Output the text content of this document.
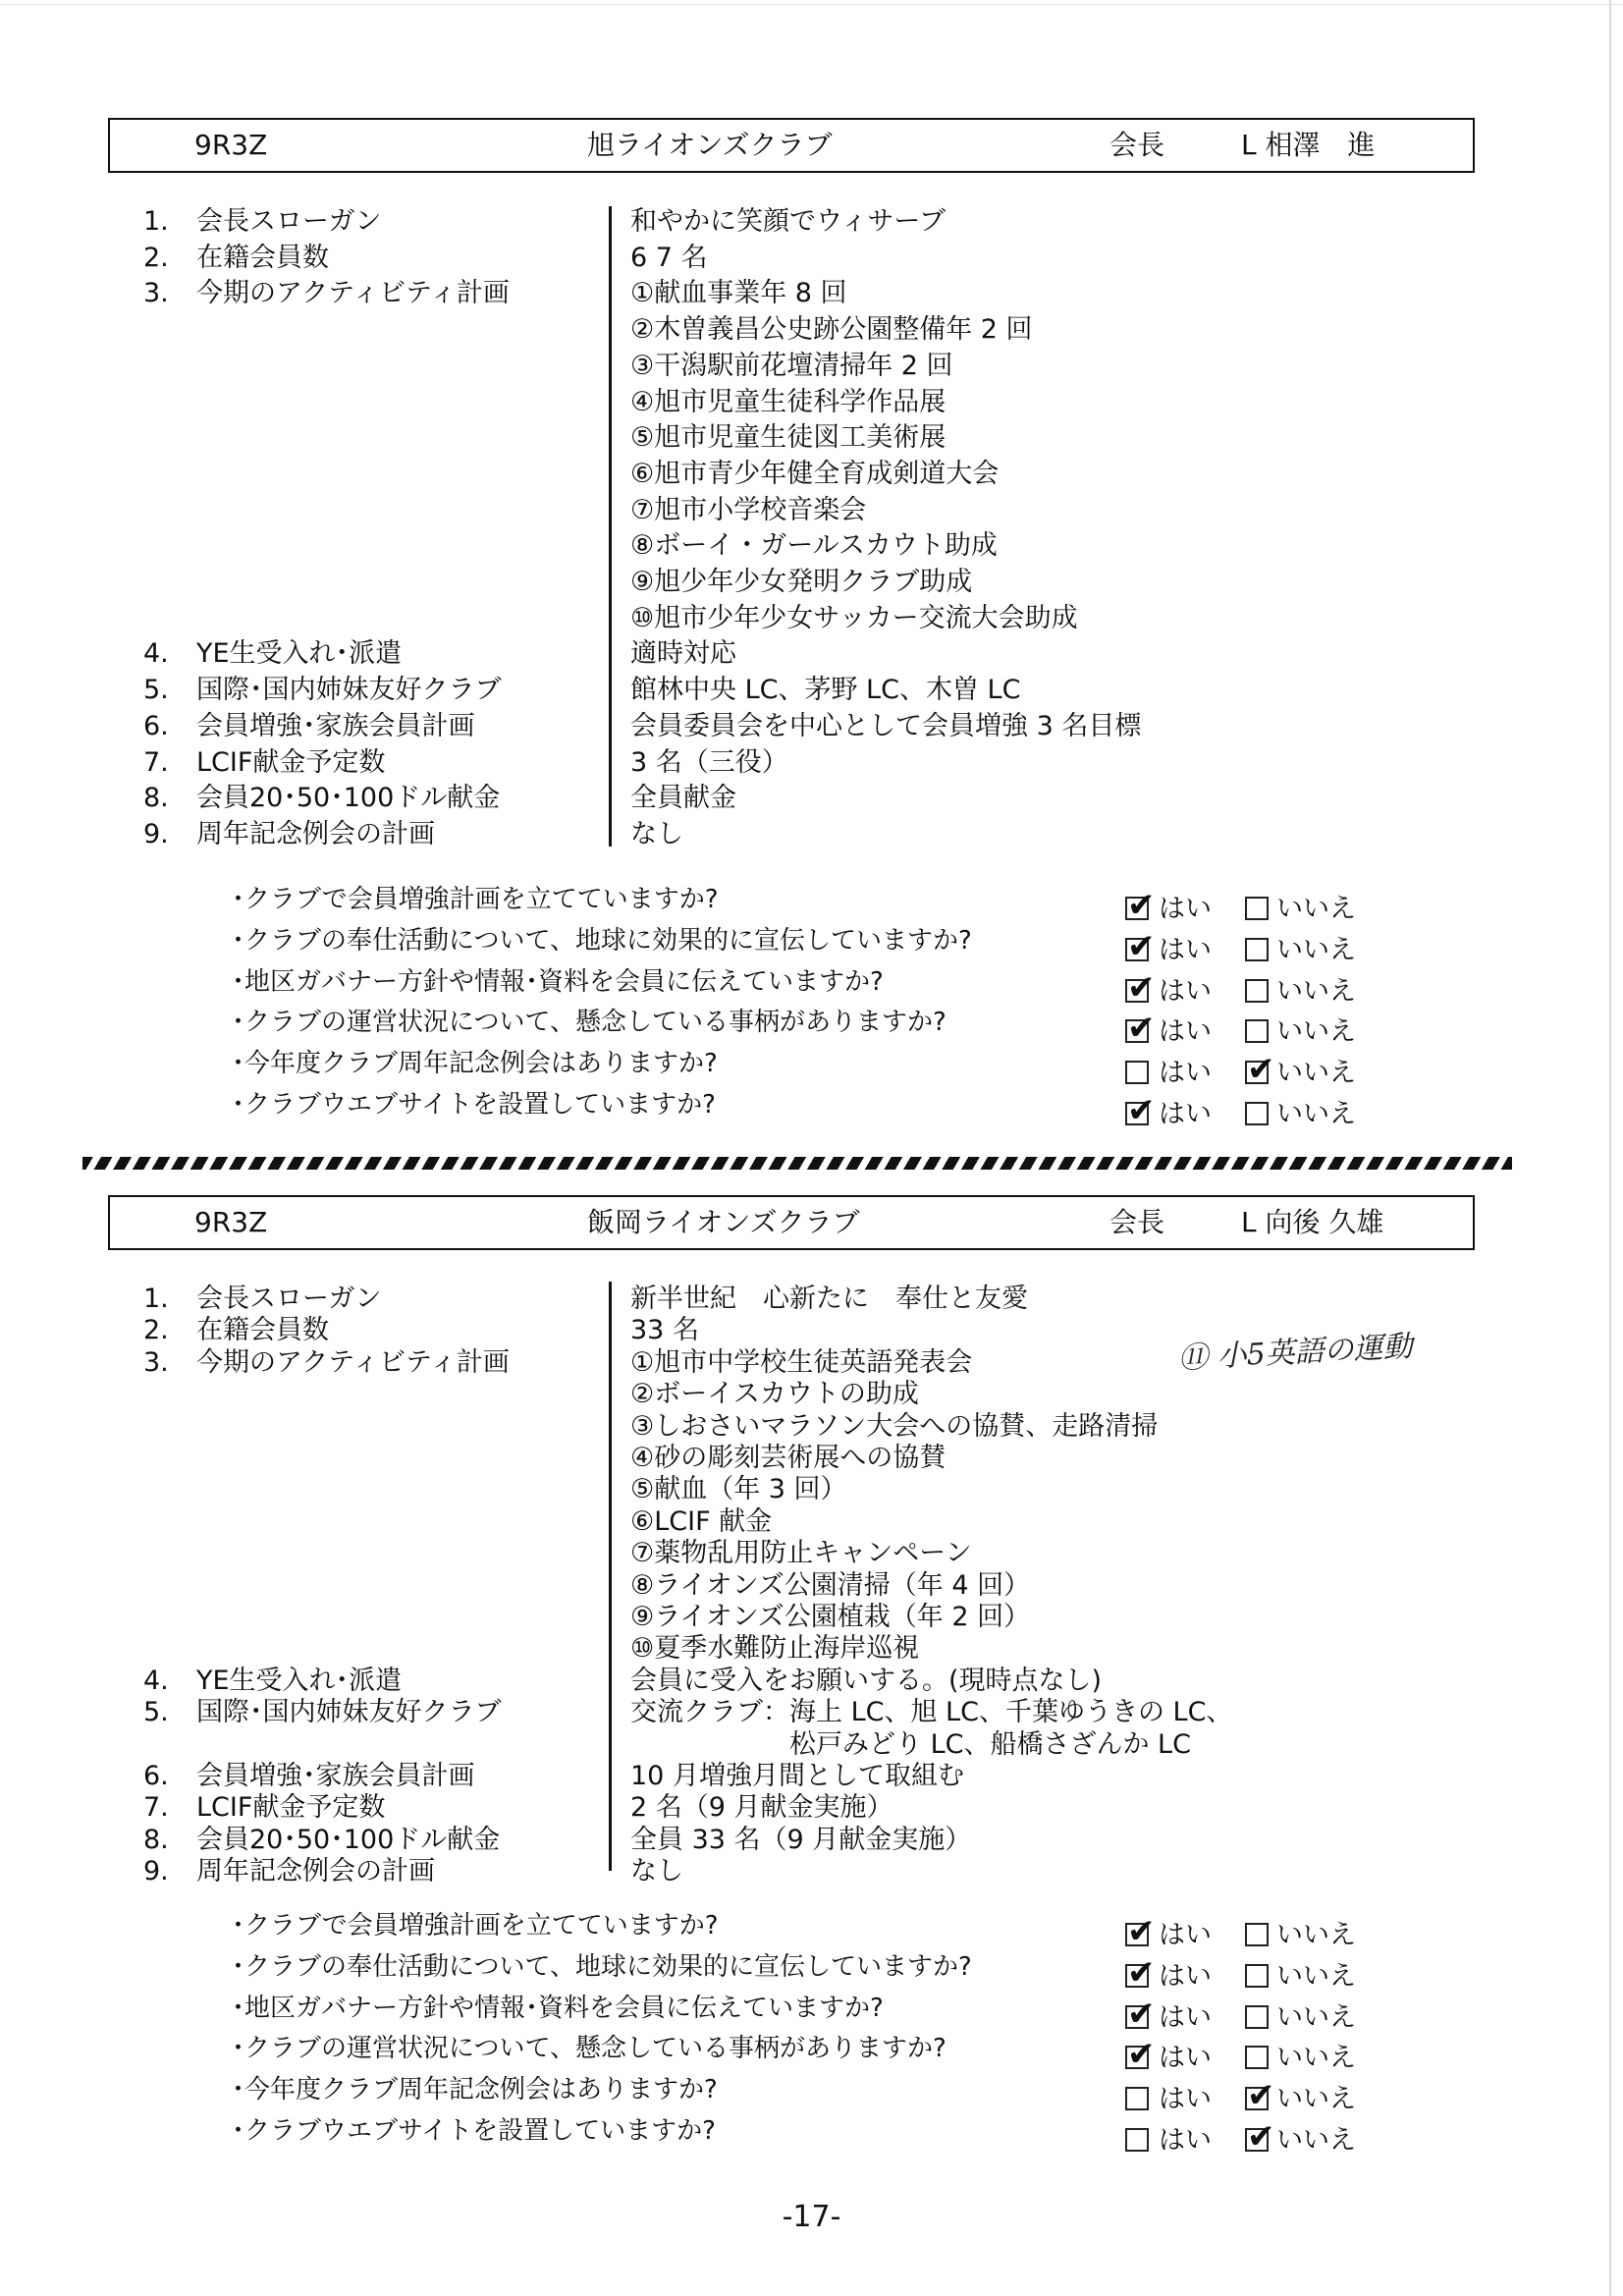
9R3Z	旭ライオンズクラブ	会長	L 相澤　進
1.	会長スローガン	和やかに笑顔でウィサーブ
2.	在籍会員数	6 7 名
3.	今期のアクティビティ計画	①献血事業年 8 回
②木曽義昌公史跡公園整備年 2 回
③干潟駅前花壇清掃年 2 回
④旭市児童生徒科学作品展
⑤旭市児童生徒図工美術展
⑥旭市青少年健全育成剣道大会
⑦旭市小学校音楽会
⑧ボーイ・ガールスカウト助成
⑨旭少年少女発明クラブ助成
⑩旭市少年少女サッカー交流大会助成
4.	YE生受入れ･派遣	適時対応
5.	国際･国内姉妹友好クラブ	館林中央 LC、茅野 LC、木曽 LC
6.	会員増強･家族会員計画	会員委員会を中心として会員増強 3 名目標
7.	LCIF献金予定数	3 名（三役）
8.	会員20･50･100ドル献金	全員献金
9.	周年記念例会の計画	なし
･クラブで会員増強計画を立てていますか? ✔	はい いいえ
･クラブの奉仕活動について、地球に効果的に宣伝していますか? ✔	はい いいえ
･地区ガバナー方針や情報･資料を会員に伝えていますか? ✔	はい いいえ
･クラブの運営状況について、懸念している事柄がありますか? ✔	はい いいえ
･今年度クラブ周年記念例会はありますか?	はい ✔ いいえ
･クラブウエブサイトを設置していますか? ✔	はい いいえ
9R3Z	飯岡ライオンズクラブ	会長	L 向後 久雄
1.	会長スローガン	新半世紀　心新たに　奉仕と友愛
2.	在籍会員数	33 名
3.	今期のアクティビティ計画	①旭市中学校生徒英語発表会
②ボーイスカウトの助成
③しおさいマラソン大会への協賛、走路清掃
④砂の彫刻芸術展への協賛
⑤献血（年 3 回）
⑥LCIF 献金
⑦薬物乱用防止キャンペーン
⑧ライオンズ公園清掃（年 4 回）
⑨ライオンズ公園植栽（年 2 回）
⑩夏季水難防止海岸巡視
4.	YE生受入れ･派遣	会員に受入をお願いする。(現時点なし)
5.	国際･国内姉妹友好クラブ	交流クラブ：海上 LC、旭 LC、千葉ゆうきの LC、
　　　　　　松戸みどり LC、船橋さざんか LC
6.	会員増強･家族会員計画	10 月増強月間として取組む
7.	LCIF献金予定数	2 名（9 月献金実施）
8.	会員20･50･100ドル献金	全員 33 名（9 月献金実施）
9.	周年記念例会の計画	なし
･クラブで会員増強計画を立てていますか? ✔	はい いいえ
･クラブの奉仕活動について、地球に効果的に宣伝していますか? ✔	はい いいえ
･地区ガバナー方針や情報･資料を会員に伝えていますか? ✔	はい いいえ
･クラブの運営状況について、懸念している事柄がありますか? ✔	はい いいえ
･今年度クラブ周年記念例会はありますか?	はい ✔ いいえ
･クラブウエブサイトを設置していますか?	はい ✔ いいえ
⑪ 小5英語の運動
-17-
